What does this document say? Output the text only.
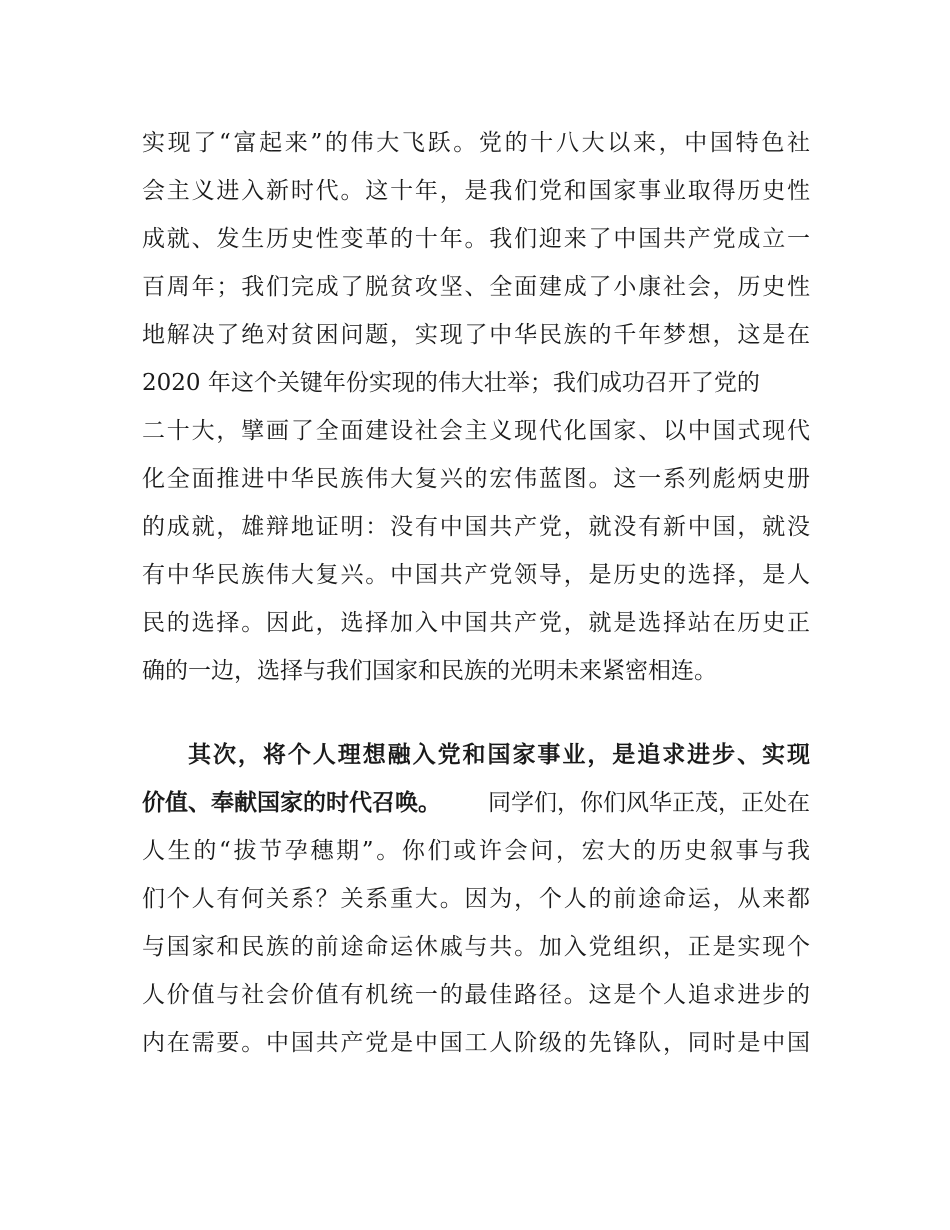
实现了“富起来”的伟大飞跃。党的十八大以来，中国特色社
会主义进入新时代。这十年，是我们党和国家事业取得历史性
成就、发生历史性变革的十年。我们迎来了中国共产党成立一
百周年；我们完成了脱贫攻坚、全面建成了小康社会，历史性
地解决了绝对贫困问题，实现了中华民族的千年梦想，这是在
2020 年这个关键年份实现的伟大壮举；我们成功召开了党的
二十大，擘画了全面建设社会主义现代化国家、以中国式现代
化全面推进中华民族伟大复兴的宏伟蓝图。这一系列彪炳史册
的成就，雄辩地证明：没有中国共产党，就没有新中国，就没
有中华民族伟大复兴。中国共产党领导，是历史的选择，是人
民的选择。因此，选择加入中国共产党，就是选择站在历史正
确的一边，选择与我们国家和民族的光明未来紧密相连。
其次，将个人理想融入党和国家事业，是追求进步、实现
价值、奉献国家的时代召唤。 同学们，你们风华正茂，正处在
人生的“拔节孕穗期”。你们或许会问，宏大的历史叙事与我
们个人有何关系？关系重大。因为，个人的前途命运，从来都
与国家和民族的前途命运休戚与共。加入党组织，正是实现个
人价值与社会价值有机统一的最佳路径。这是个人追求进步的
内在需要。中国共产党是中国工人阶级的先锋队，同时是中国
